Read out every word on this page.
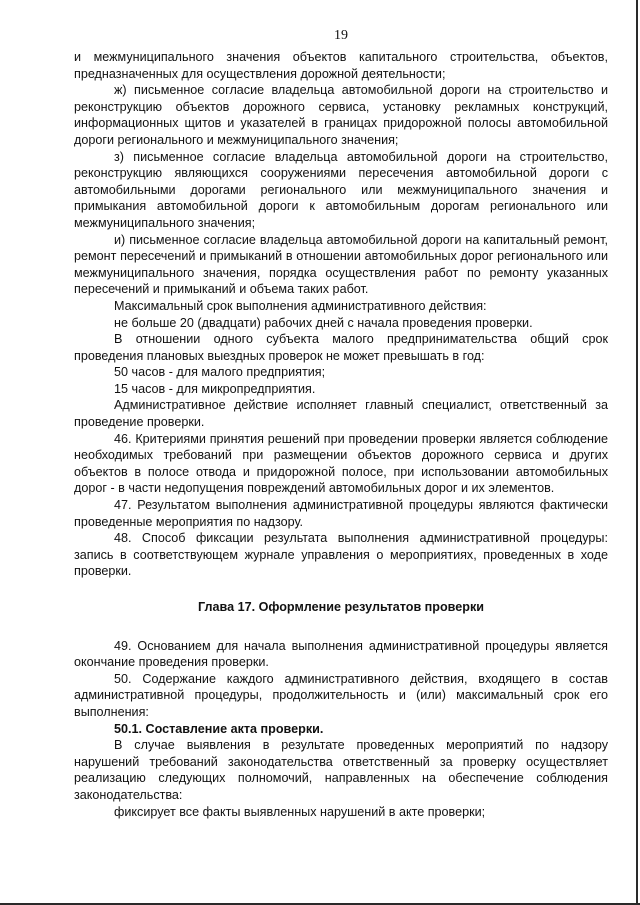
19

и межмуниципального значения объектов капитального строительства, объектов, предназначенных для осуществления дорожной деятельности;

ж) письменное согласие владельца автомобильной дороги на строительство и реконструкцию объектов дорожного сервиса, установку рекламных конструкций, информационных щитов и указателей в границах придорожной полосы автомобильной дороги регионального и межмуниципального значения;

з) письменное согласие владельца автомобильной дороги на строительство, реконструкцию являющихся сооружениями пересечения автомобильной дороги с автомобильными дорогами регионального или межмуниципального значения и примыкания автомобильной дороги к автомобильным дорогам регионального или межмуниципального значения;

и) письменное согласие владельца автомобильной дороги на капитальный ремонт, ремонт пересечений и примыканий в отношении автомобильных дорог регионального или межмуниципального значения, порядка осуществления работ по ремонту указанных пересечений и примыканий и объема таких работ.

Максимальный срок выполнения административного действия:

не больше 20 (двадцати) рабочих дней с начала проведения проверки.

В отношении одного субъекта малого предпринимательства общий срок проведения плановых выездных проверок не может превышать в год:

50 часов - для малого предприятия;

15 часов - для микропредприятия.

Административное действие исполняет главный специалист, ответственный за проведение проверки.

46. Критериями принятия решений при проведении проверки является соблюдение необходимых требований при размещении объектов дорожного сервиса и других объектов в полосе отвода и придорожной полосе, при использовании автомобильных дорог - в части недопущения повреждений автомобильных дорог и их элементов.

47. Результатом выполнения административной процедуры являются фактически проведенные мероприятия по надзору.

48. Способ фиксации результата выполнения административной процедуры: запись в соответствующем журнале управления о мероприятиях, проведенных в ходе проверки.

Глава 17. Оформление результатов проверки

49. Основанием для начала выполнения административной процедуры является окончание проведения проверки.

50. Содержание каждого административного действия, входящего в состав административной процедуры, продолжительность и (или) максимальный срок его выполнения:

50.1. Составление акта проверки.

В случае выявления в результате проведенных мероприятий по надзору нарушений требований законодательства ответственный за проверку осуществляет реализацию следующих полномочий, направленных на обеспечение соблюдения законодательства:

фиксирует все факты выявленных нарушений в акте проверки;
